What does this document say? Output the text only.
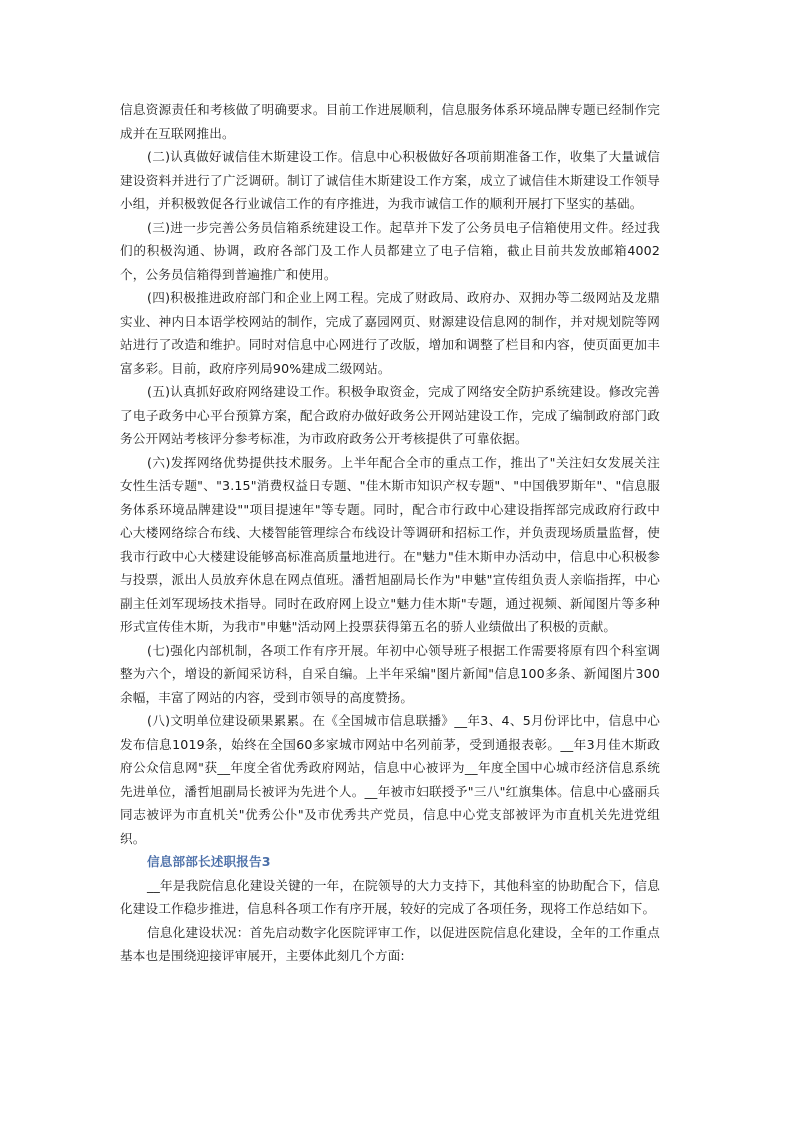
信息资源责任和考核做了明确要求。目前工作进展顺利，信息服务体系环境品牌专题已经制作完成并在互联网推出。

(二)认真做好诚信佳木斯建设工作。信息中心积极做好各项前期准备工作，收集了大量诚信建设资料并进行了广泛调研。制订了诚信佳木斯建设工作方案，成立了诚信佳木斯建设工作领导小组，并积极敦促各行业诚信工作的有序推进，为我市诚信工作的顺利开展打下坚实的基础。

(三)进一步完善公务员信箱系统建设工作。起草并下发了公务员电子信箱使用文件。经过我们的积极沟通、协调，政府各部门及工作人员都建立了电子信箱，截止目前共发放邮箱4002个，公务员信箱得到普遍推广和使用。

(四)积极推进政府部门和企业上网工程。完成了财政局、政府办、双拥办等二级网站及龙鼎实业、神内日本语学校网站的制作，完成了嘉园网页、财源建设信息网的制作，并对规划院等网站进行了改造和维护。同时对信息中心网进行了改版，增加和调整了栏目和内容，使页面更加丰富多彩。目前，政府序列局90%建成二级网站。

(五)认真抓好政府网络建设工作。积极争取资金，完成了网络安全防护系统建设。修改完善了电子政务中心平台预算方案，配合政府办做好政务公开网站建设工作，完成了编制政府部门政务公开网站考核评分参考标准，为市政府政务公开考核提供了可靠依据。

(六)发挥网络优势提供技术服务。上半年配合全市的重点工作，推出了"关注妇女发展关注女性生活专题"、"3.15"消费权益日专题、"佳木斯市知识产权专题"、"中国俄罗斯年"、"信息服务体系环境品牌建设""项目提速年"等专题。同时，配合市行政中心建设指挥部完成政府行政中心大楼网络综合布线、大楼智能管理综合布线设计等调研和招标工作，并负责现场质量监督，使我市行政中心大楼建设能够高标准高质量地进行。在"魅力"佳木斯申办活动中，信息中心积极参与投票，派出人员放弃休息在网点值班。潘哲旭副局长作为"申魅"宣传组负责人亲临指挥，中心副主任刘军现场技术指导。同时在政府网上设立"魅力佳木斯"专题，通过视频、新闻图片等多种形式宣传佳木斯，为我市"申魅"活动网上投票获得第五名的骄人业绩做出了积极的贡献。

(七)强化内部机制，各项工作有序开展。年初中心领导班子根据工作需要将原有四个科室调整为六个，增设的新闻采访科，自采自编。上半年采编"图片新闻"信息100多条、新闻图片300余幅，丰富了网站的内容，受到市领导的高度赞扬。

(八)文明单位建设硕果累累。在《全国城市信息联播》__年3、4、5月份评比中，信息中心发布信息1019条，始终在全国60多家城市网站中名列前茅，受到通报表彰。__年3月佳木斯政府公众信息网"获__年度全省优秀政府网站，信息中心被评为__年度全国中心城市经济信息系统先进单位，潘哲旭副局长被评为先进个人。__年被市妇联授予"三八"红旗集体。信息中心盛丽兵同志被评为市直机关"优秀公仆"及市优秀共产党员，信息中心党支部被评为市直机关先进党组织。

信息部部长述职报告3

__年是我院信息化建设关键的一年，在院领导的大力支持下，其他科室的协助配合下，信息化建设工作稳步推进，信息科各项工作有序开展，较好的完成了各项任务，现将工作总结如下。

信息化建设状况：首先启动数字化医院评审工作，以促进医院信息化建设，全年的工作重点基本也是围绕迎接评审展开，主要体此刻几个方面:
